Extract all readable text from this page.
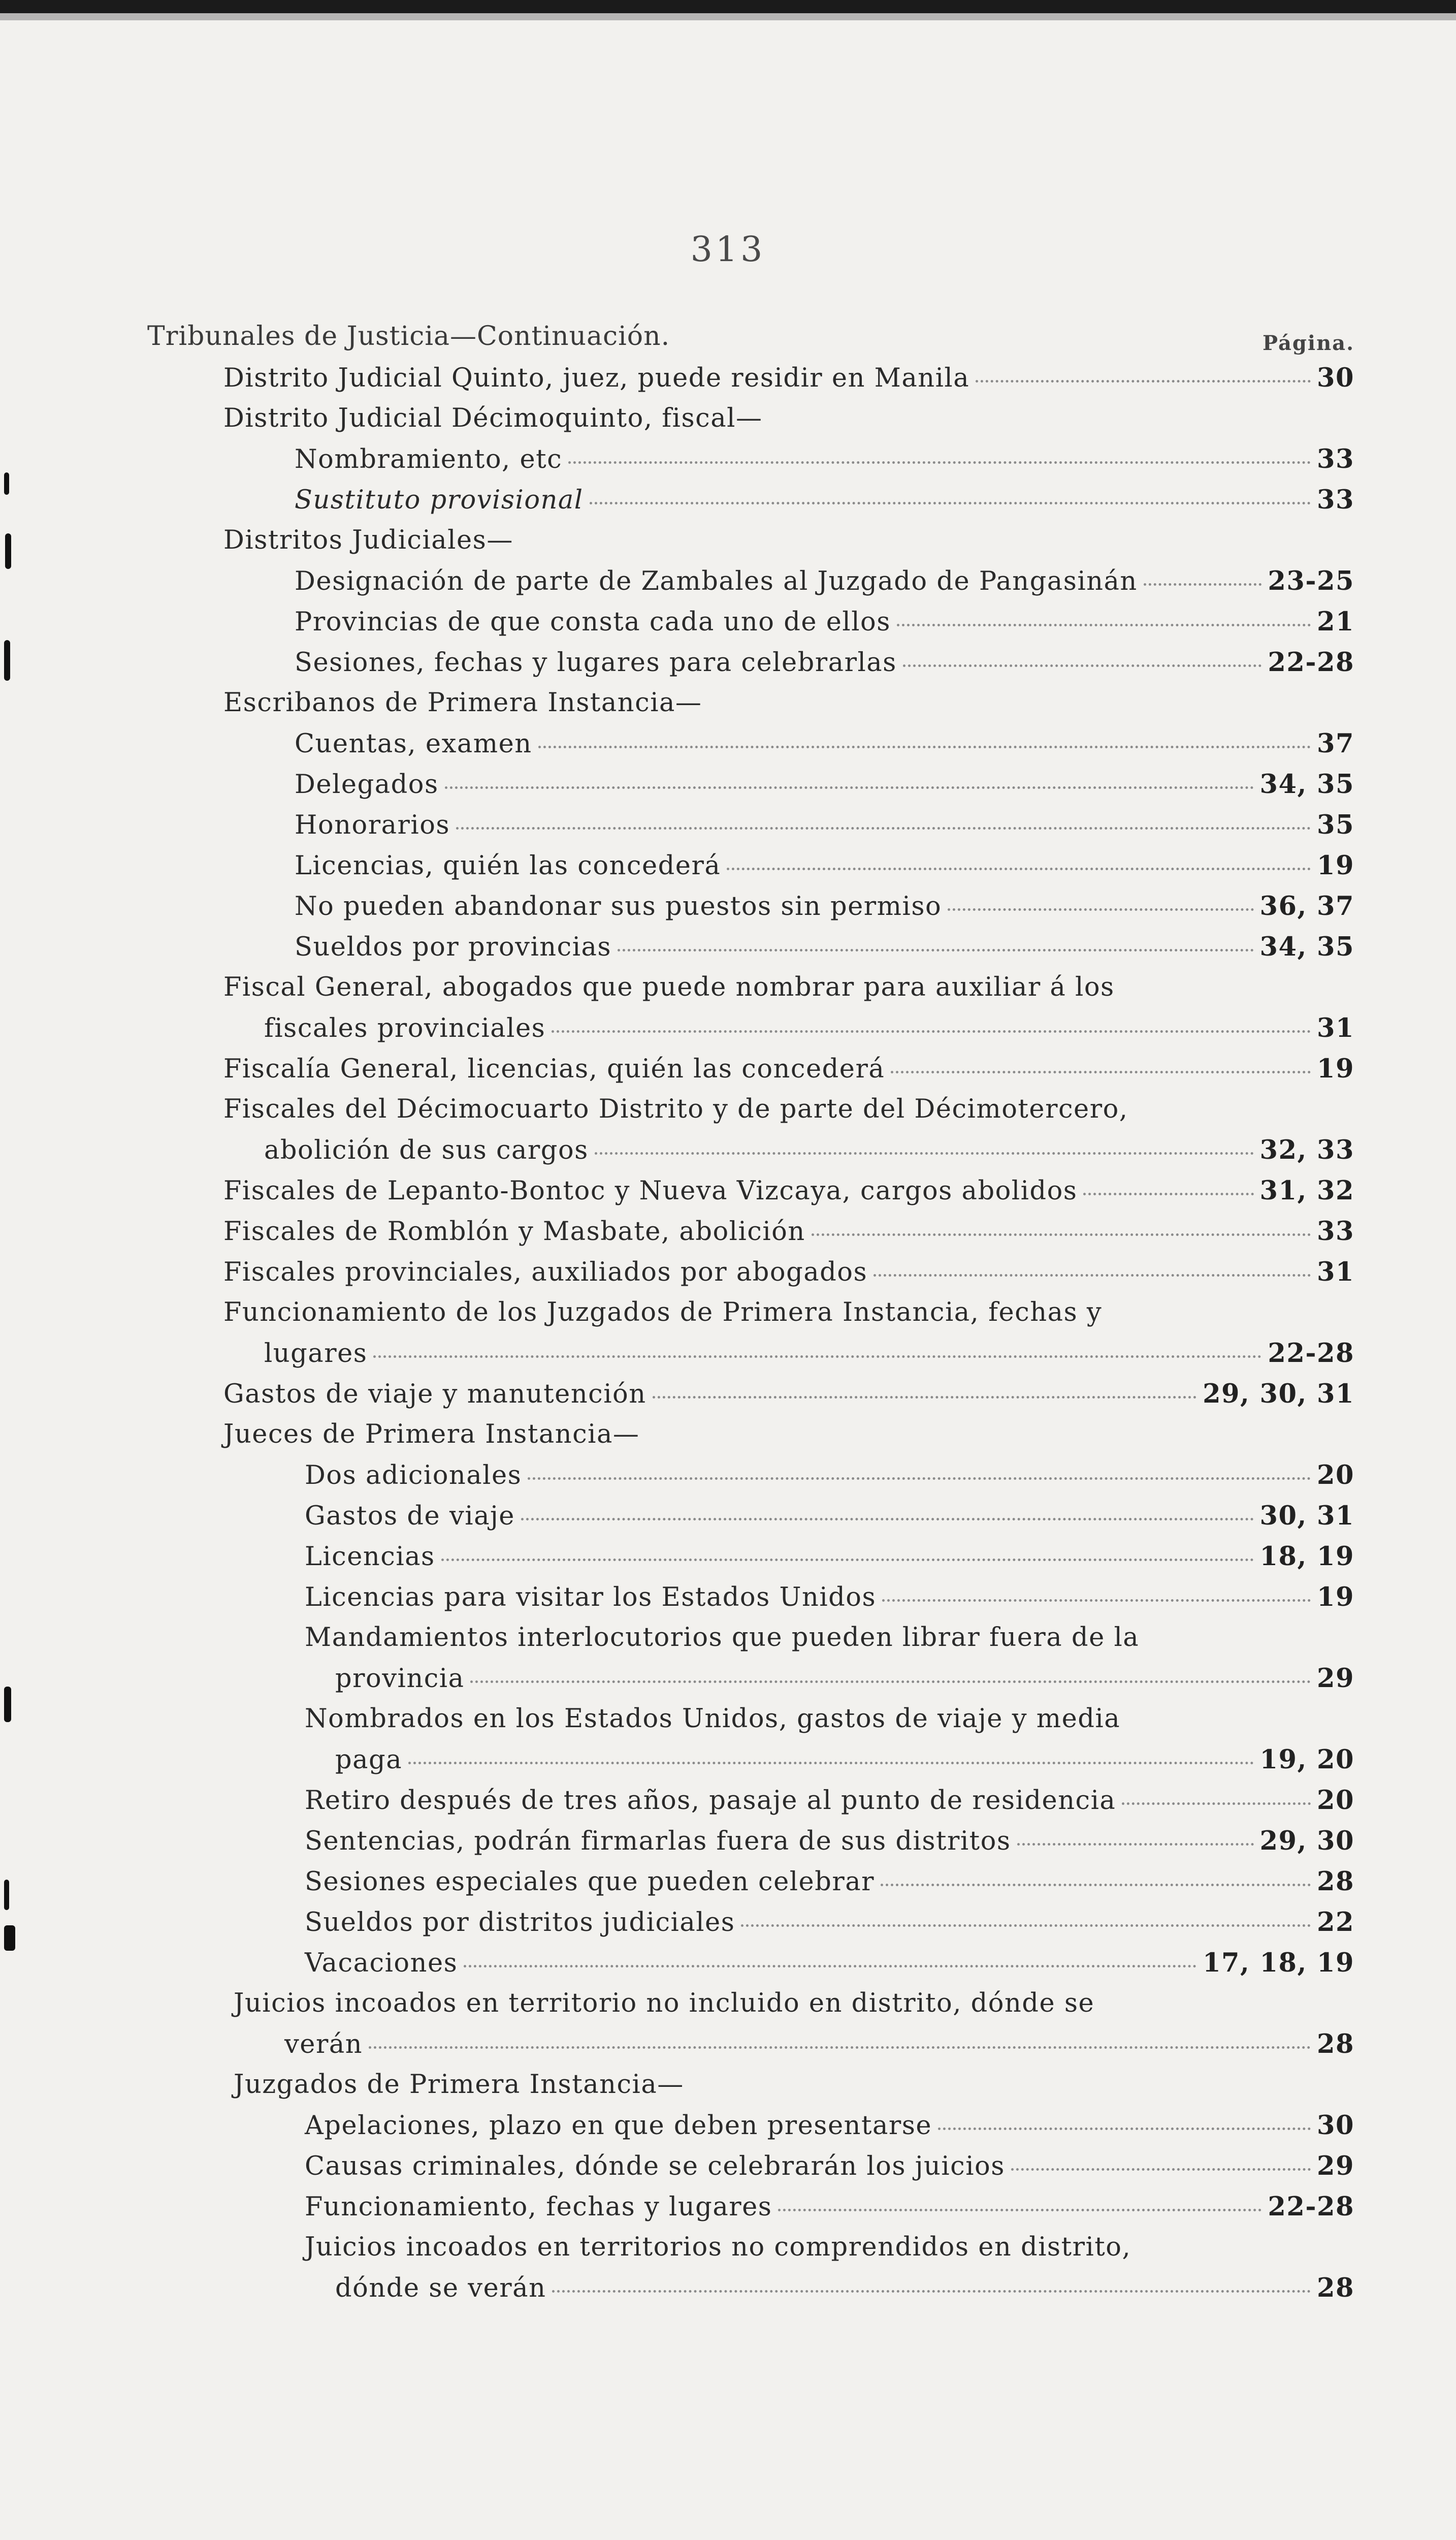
313
Tribunales de Justicia—Continuación.	Página.
Distrito Judicial Quinto, juez, puede residir en Manila	30
Distrito Judicial Décimoquinto, fiscal—
Nombramiento, etc	33
Sustituto provisional	33
Distritos Judiciales—
Designación de parte de Zambales al Juzgado de Pangasinán	23-25
Provincias de que consta cada uno de ellos	21
Sesiones, fechas y lugares para celebrarlas	22-28
Escribanos de Primera Instancia—
Cuentas, examen	37
Delegados	34, 35
Honorarios	35
Licencias, quién las concederá	19
No pueden abandonar sus puestos sin permiso	36, 37
Sueldos por provincias	34, 35
Fiscal General, abogados que puede nombrar para auxiliar á los
fiscales provinciales	31
Fiscalía General, licencias, quién las concederá	19
Fiscales del Décimocuarto Distrito y de parte del Décimotercero,
abolición de sus cargos	32, 33
Fiscales de Lepanto-Bontoc y Nueva Vizcaya, cargos abolidos	31, 32
Fiscales de Romblón y Masbate, abolición	33
Fiscales provinciales, auxiliados por abogados	31
Funcionamiento de los Juzgados de Primera Instancia, fechas y
lugares	22-28
Gastos de viaje y manutención	29, 30, 31
Jueces de Primera Instancia—
Dos adicionales	20
Gastos de viaje	30, 31
Licencias	18, 19
Licencias para visitar los Estados Unidos	19
Mandamientos interlocutorios que pueden librar fuera de la
provincia	29
Nombrados en los Estados Unidos, gastos de viaje y media
paga	19, 20
Retiro después de tres años, pasaje al punto de residencia	20
Sentencias, podrán firmarlas fuera de sus distritos	29, 30
Sesiones especiales que pueden celebrar	28
Sueldos por distritos judiciales	22
Vacaciones	17, 18, 19
Juicios incoados en territorio no incluido en distrito, dónde se
verán	28
Juzgados de Primera Instancia—
Apelaciones, plazo en que deben presentarse	30
Causas criminales, dónde se celebrarán los juicios	29
Funcionamiento, fechas y lugares	22-28
Juicios incoados en territorios no comprendidos en distrito,
dónde se verán	28
